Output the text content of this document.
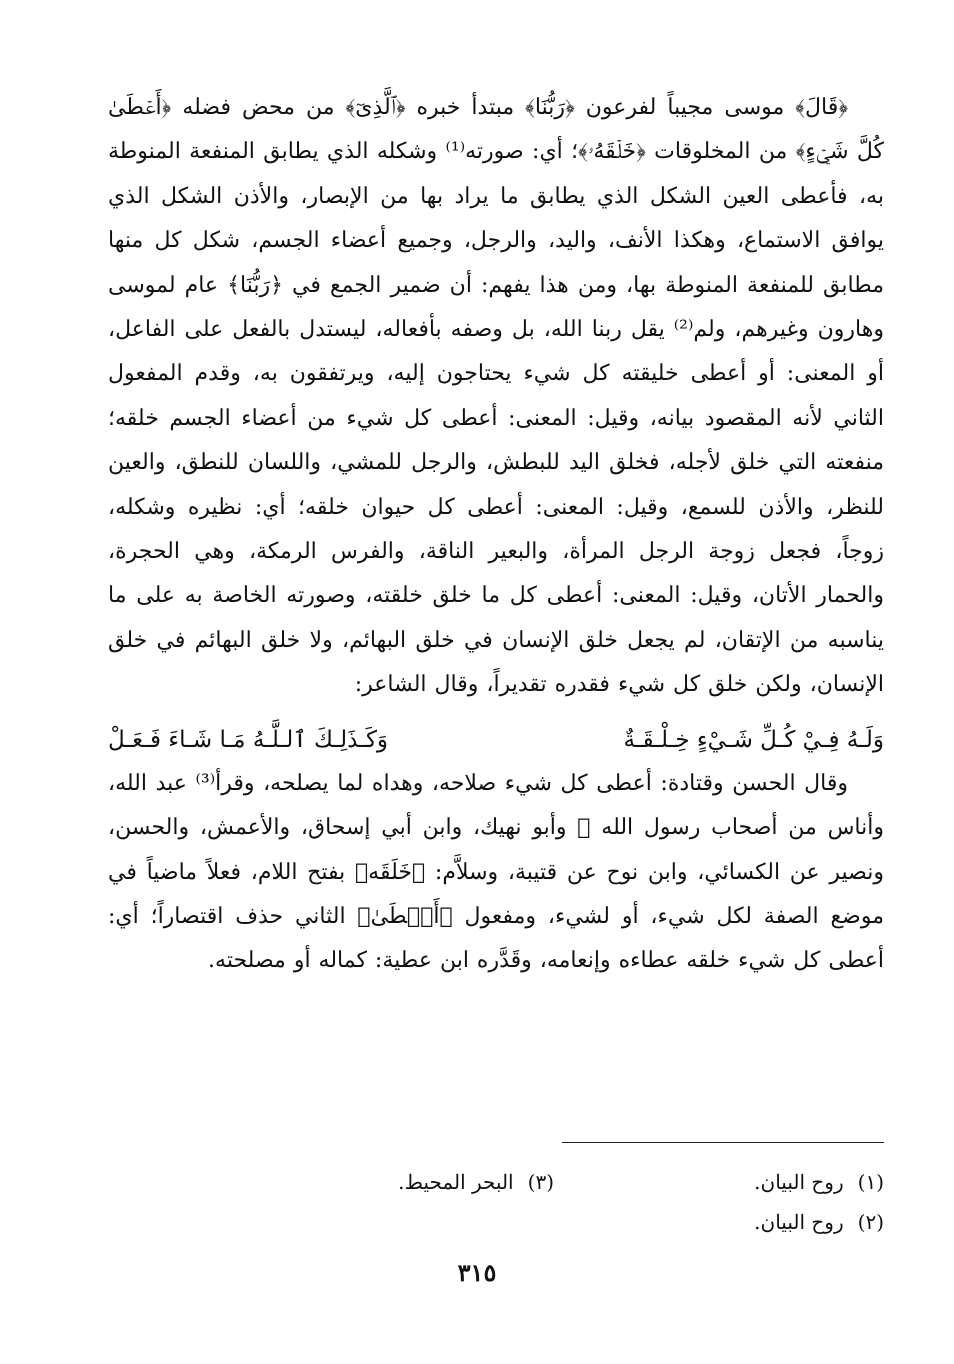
﴿قَالَ﴾ موسى مجيباً لفرعون ﴿رَبُّنَا﴾ مبتدأ خبره ﴿ٱلَّذِىٓ﴾ من محض فضله ﴿أَعۡطَىٰ كُلَّ شَيۡءٍ﴾ من المخلوقات ﴿خَلۡقَهُۥ﴾؛ أي: صورته⁽¹⁾ وشكله الذي يطابق المنفعة المنوطة به، فأعطى العين الشكل الذي يطابق ما يراد بها من الإبصار، والأذن الشكل الذي يوافق الاستماع، وهكذا الأنف، واليد، والرجل، وجميع أعضاء الجسم، شكل كل منها مطابق للمنفعة المنوطة بها، ومن هذا يفهم: أن ضمير الجمع في ﴿رَبُّنَا﴾ عام لموسى وهارون وغيرهم، ولم⁽²⁾ يقل ربنا الله، بل وصفه بأفعاله، ليستدل بالفعل على الفاعل، أو المعنى: أو أعطى خليقته كل شيء يحتاجون إليه، ويرتفقون به، وقدم المفعول الثاني لأنه المقصود بيانه، وقيل: المعنى: أعطى كل شيء من أعضاء الجسم خلقه؛ منفعته التي خلق لأجله، فخلق اليد للبطش، والرجل للمشي، واللسان للنطق، والعين للنظر، والأذن للسمع، وقيل: المعنى: أعطى كل حيوان خلقه؛ أي: نظيره وشكله، زوجاً، فجعل زوجة الرجل المرأة، والبعير الناقة، والفرس الرمكة، وهي الحجرة، والحمار الأتان، وقيل: المعنى: أعطى كل ما خلق خلقته، وصورته الخاصة به على ما يناسبه من الإتقان، لم يجعل خلق الإنسان في خلق البهائم، ولا خلق البهائم في خلق الإنسان، ولكن خلق كل شيء فقدره تقديراً، وقال الشاعر:

وَلَـهُ فِـيْ كُـلِّ شَـيْءٍ خِـلْـقَـةٌ
وَكَـذَلِـكَ ٱلـلَّـهُ مَـا شَـاءَ فَـعَـلْ

وقال الحسن وقتادة: أعطى كل شيء صلاحه، وهداه لما يصلحه، وقرأ⁽³⁾ عبد الله، وأناس من أصحاب رسول الله ﷺ وأبو نهيك، وابن أبي إسحاق، والأعمش، والحسن، ونصير عن الكسائي، وابن نوح عن قتيبة، وسلاَّم: ﴿خَلَقَه﴾ بفتح اللام، فعلاً ماضياً في موضع الصفة لكل شيء، أو لشيء، ومفعول ﴿أَعۡطَىٰ﴾ الثاني حذف اقتصاراً؛ أي: أعطى كل شيء خلقه عطاءه وإنعامه، وقَدَّره ابن عطية: كماله أو مصلحته.

(١)روح البيان.
(٣)البحر المحيط.
(٢)روح البيان.
٣١٥
